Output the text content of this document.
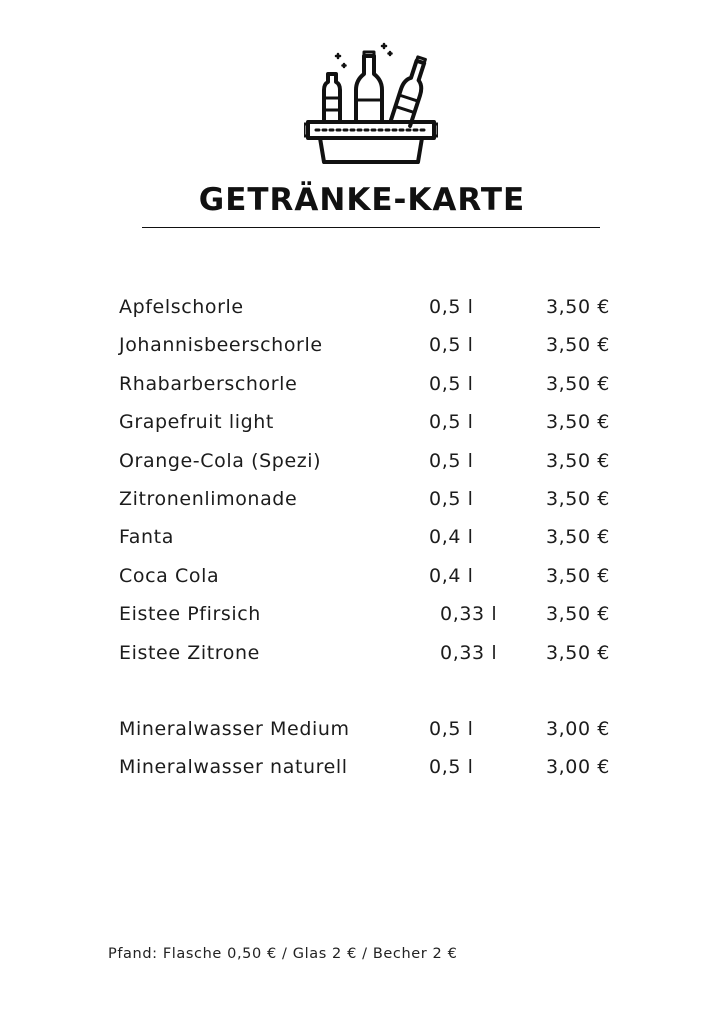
GETRÄNKE-KARTE
Apfelschorle	0,5 l	3,50 €
Johannisbeerschorle	0,5 l	3,50 €
Rhabarberschorle	0,5 l	3,50 €
Grapefruit light	0,5 l	3,50 €
Orange-Cola (Spezi)	0,5 l	3,50 €
Zitronenlimonade	0,5 l	3,50 €
Fanta	0,4 l	3,50 €
Coca Cola	0,4 l	3,50 €
Eistee Pfirsich	0,33 l	3,50 €
Eistee Zitrone	0,33 l	3,50 €
Mineralwasser Medium	0,5 l	3,00 €
Mineralwasser naturell	0,5 l	3,00 €
Pfand: Flasche 0,50 € / Glas 2 € / Becher 2 €
